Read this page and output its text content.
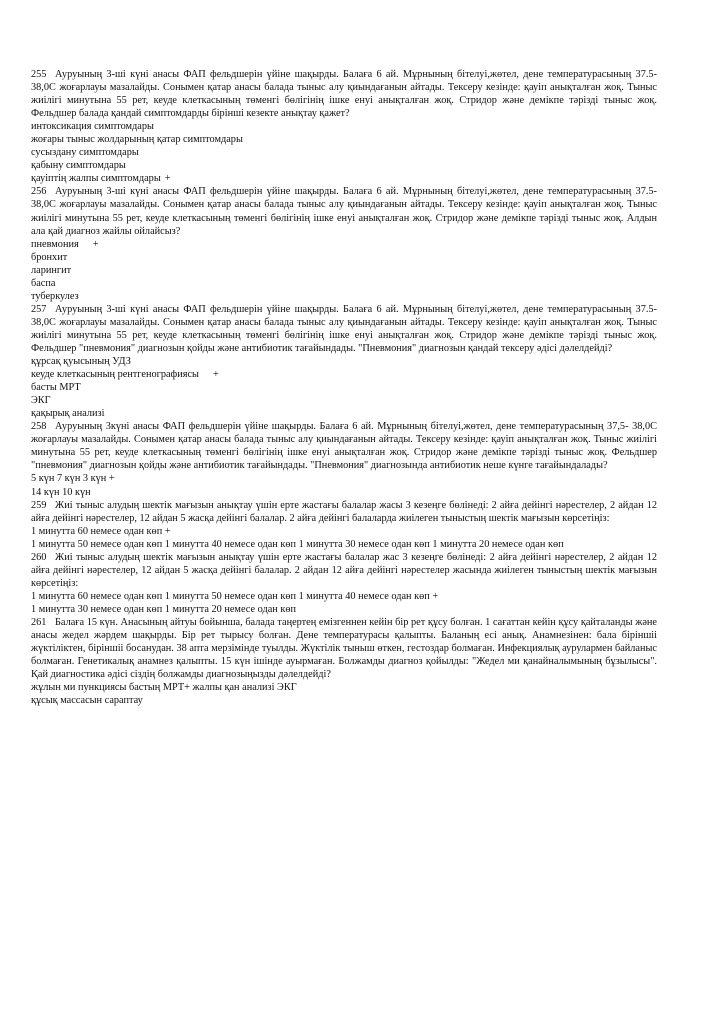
255 Ауруының 3-ші күні анасы ФАП фельдшерін үйіне шақырды. Балаға 6 ай. Мұрнының бітелуі,жөтел, дене температурасының 37.5- 38,0С жоғарлауы мазалайды. Сонымен қатар анасы балада тыныс алу қиындағанын айтады. Тексеру кезінде: қауіп анықталған жоқ. Тыныс жиілігі минутына 55 рет, кеуде клеткасының төменгі бөлігінің ішке енуі анықталған жоқ. Стридор және демікпе тәрізді тыныс жоқ. Фельдшер балада қандай симптомдарды бірінші кезекте анықтау қажет?

интоксикация симптомдары

жоғары тыныс жолдарының қатар симптомдары

сусыздану симптомдары

қабыну симптомдары

қауіптің жалпы симптомдары +

256 Ауруының 3-ші күні анасы ФАП фельдшерін үйіне шақырды. Балаға 6 ай. Мұрнының бітелуі,жөтел, дене температурасының 37.5- 38,0С жоғарлауы мазалайды. Сонымен қатар анасы балада тыныс алу қиындағанын айтады. Тексеру кезінде: қауіп анықталған жоқ. Тыныс жиілігі минутына 55 рет, кеуде клеткасының төменгі бөлігінің ішке енуі анықталған жоқ. Стридор және демікпе тәрізді тыныс жоқ. Алдын ала қай диагноз жайлы ойлайсыз?

пневмония +

бронхит

ларингит

баспа

туберкулез

257 Ауруының 3-ші күні анасы ФАП фельдшерін үйіне шақырды. Балаға 6 ай. Мұрнының бітелуі,жөтел, дене температурасының 37.5- 38,0С жоғарлауы мазалайды. Сонымен қатар анасы балада тыныс алу қиындағанын айтады. Тексеру кезінде: қауіп анықталған жоқ. Тыныс жиілігі минутына 55 рет, кеуде клеткасының төменгі бөлігінің ішке енуі анықталған жоқ. Стридор және демікпе тәрізді тыныс жоқ. Фельдшер "пневмония" диагнозын қойды және антибиотик тағайындады. "Пневмония" диагнозын қандай тексеру әдісі дәлелдейді?

құрсақ қуысының УДЗ

кеуде клеткасының рентгенографиясы +

басты МРТ

ЭКГ

қақырық анализі

258 Ауруының 3күні анасы ФАП фельдшерін үйіне шақырды. Балаға 6 ай. Мұрнының бітелуі,жөтел, дене температурасының 37,5- 38,0С жоғарлауы мазалайды. Сонымен қатар анасы балада тыныс алу қиындағанын айтады. Тексеру кезінде: қауіп анықталған жоқ. Тыныс жиілігі минутына 55 рет, кеуде клеткасының төменгі бөлігінің ішке енуі анықталған жоқ. Стридор және демікпе тәрізді тыныс жоқ. Фельдшер "пневмония" диагнозын қойды және антибиотик тағайындады. "Пневмония" диагнозында антибиотик неше күнге тағайындалады?

5 күн 7 күн 3 күн +

14 күн 10 күн

259 Жиі тыныс алудың шектік мағызын анықтау үшін ерте жастағы балалар жасы 3 кезеңге бөлінеді: 2 айға дейінгі нәрестелер, 2 айдан 12 айға дейінгі нәрестелер, 12 айдан 5 жасқа дейінгі балалар. 2 айға дейінгі балаларда жиілеген тыныстың шектік мағызын көрсетіңіз:

1 минутта 60 немесе одан көп +

1 минутта 50 немесе одан көп 1 минутта 40 немесе одан көп 1 минутта 30 немесе одан көп 1 минутта 20 немесе одан көп

260 Жиі тыныс алудың шектік мағызын анықтау үшін ерте жастағы балалар жас 3 кезеңге бөлінеді: 2 айға дейінгі нәрестелер, 2 айдан 12 айға дейінгі нәрестелер, 12 айдан 5 жасқа дейінгі балалар. 2 айдан 12 айға дейінгі нәрестелер жасында жиілеген тыныстың шектік мағызын көрсетіңіз:

1 минутта 60 немесе одан көп 1 минутта 50 немесе одан көп 1 минутта 40 немесе одан көп +

1 минутта 30 немесе одан көп 1 минутта 20 немесе одан көп

261 Балаға 15 күн. Анасының айтуы бойынша, балада таңертең емізгеннен кейін бір рет құсу болған. 1 сағаттан кейін құсу қайталанды және анасы жедел жәрдем шақырды. Бір рет тырысу болған. Дене температурасы қалыпты. Баланың есі анық. Анамнезінен: бала біріншіі жүктіліктен, біріншіі босанудан. 38 апта мерзімінде туылды. Жүктілік тыныш өткен, гестоздар болмаған. Инфекциялық аурулармен байланыс болмаған. Генетикалық анамнез қалыпты. 15 күн ішінде ауырмаған. Болжамды диагноз қойылды: "Жедел ми қанайналымының бұзылысы". Қай диагностика әдісі сіздің болжамды диагнозыңызды дәлелдейді?

жұлын ми пункциясы бастың МРТ+ жалпы қан анализі ЭКГ

құсық массасын сараптау
